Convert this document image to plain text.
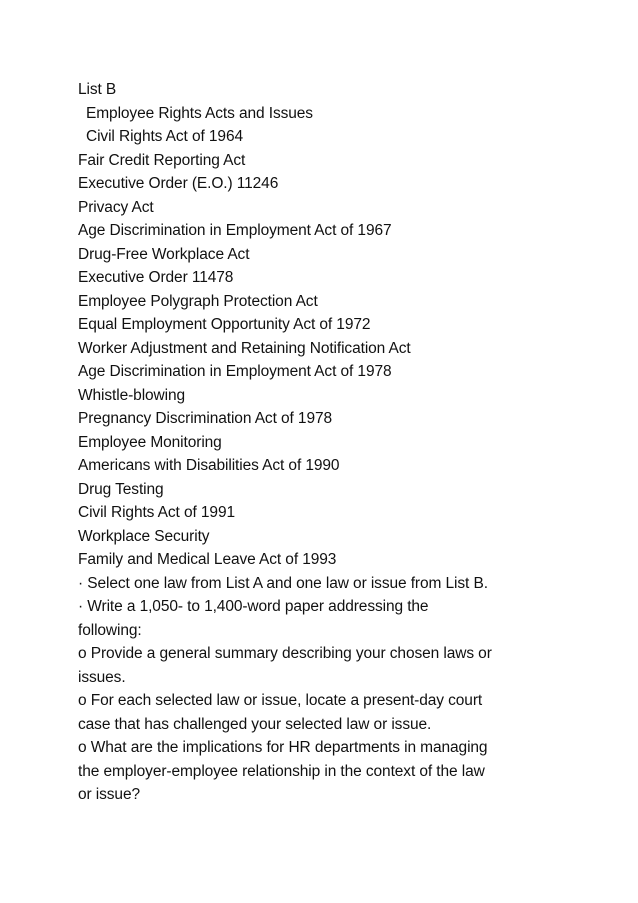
List B
Employee Rights Acts and Issues
Civil Rights Act of 1964
Fair Credit Reporting Act
Executive Order (E.O.) 11246
Privacy Act
Age Discrimination in Employment Act of 1967
Drug-Free Workplace Act
Executive Order 11478
Employee Polygraph Protection Act
Equal Employment Opportunity Act of 1972
Worker Adjustment and Retaining Notification Act
Age Discrimination in Employment Act of 1978
Whistle-blowing
Pregnancy Discrimination Act of 1978
Employee Monitoring
Americans with Disabilities Act of 1990
Drug Testing
Civil Rights Act of 1991
Workplace Security
Family and Medical Leave Act of 1993
· Select one law from List A and one law or issue from List B.
· Write a 1,050- to 1,400-word paper addressing the
following:
o Provide a general summary describing your chosen laws or
issues.
o For each selected law or issue, locate a present-day court
case that has challenged your selected law or issue.
o What are the implications for HR departments in managing
the employer-employee relationship in the context of the law
or issue?
